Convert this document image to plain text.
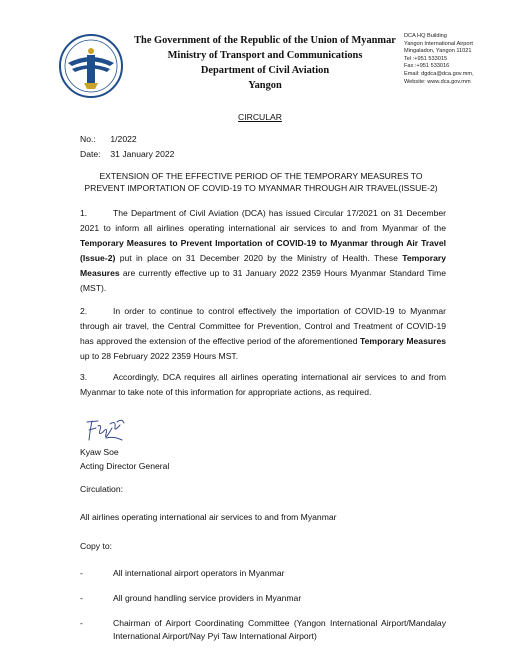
The Government of the Republic of the Union of Myanmar
Ministry of Transport and Communications
Department of Civil Aviation
Yangon
DCA HQ Building
Yangon International Airport
Mingaladon, Yangon 11021
Tel :+951 533015
Fax :+951 533016
Email: dgdca@dca.gov.mm,
Website: www.dca.gov.mm
CIRCULAR
No.: 1/2022
Date: 31 January 2022
EXTENSION OF THE EFFECTIVE PERIOD OF THE TEMPORARY MEASURES TO PREVENT IMPORTATION OF COVID-19 TO MYANMAR THROUGH AIR TRAVEL(ISSUE-2)
1.	The Department of Civil Aviation (DCA) has issued Circular 17/2021 on 31 December 2021 to inform all airlines operating international air services to and from Myanmar of the Temporary Measures to Prevent Importation of COVID-19 to Myanmar through Air Travel (Issue-2) put in place on 31 December 2020 by the Ministry of Health. These Temporary Measures are currently effective up to 31 January 2022 2359 Hours Myanmar Standard Time (MST).
2.	In order to continue to control effectively the importation of COVID-19 to Myanmar through air travel, the Central Committee for Prevention, Control and Treatment of COVID-19 has approved the extension of the effective period of the aforementioned Temporary Measures up to 28 February 2022 2359 Hours MST.
3.	Accordingly, DCA requires all airlines operating international air services to and from Myanmar to take note of this information for appropriate actions, as required.
Kyaw Soe
Acting Director General
Circulation:
All airlines operating international air services to and from Myanmar
Copy to:
-	All international airport operators in Myanmar
-	All ground handling service providers in Myanmar
-	Chairman of Airport Coordinating Committee (Yangon International Airport/Mandalay International Airport/Nay Pyi Taw International Airport)
